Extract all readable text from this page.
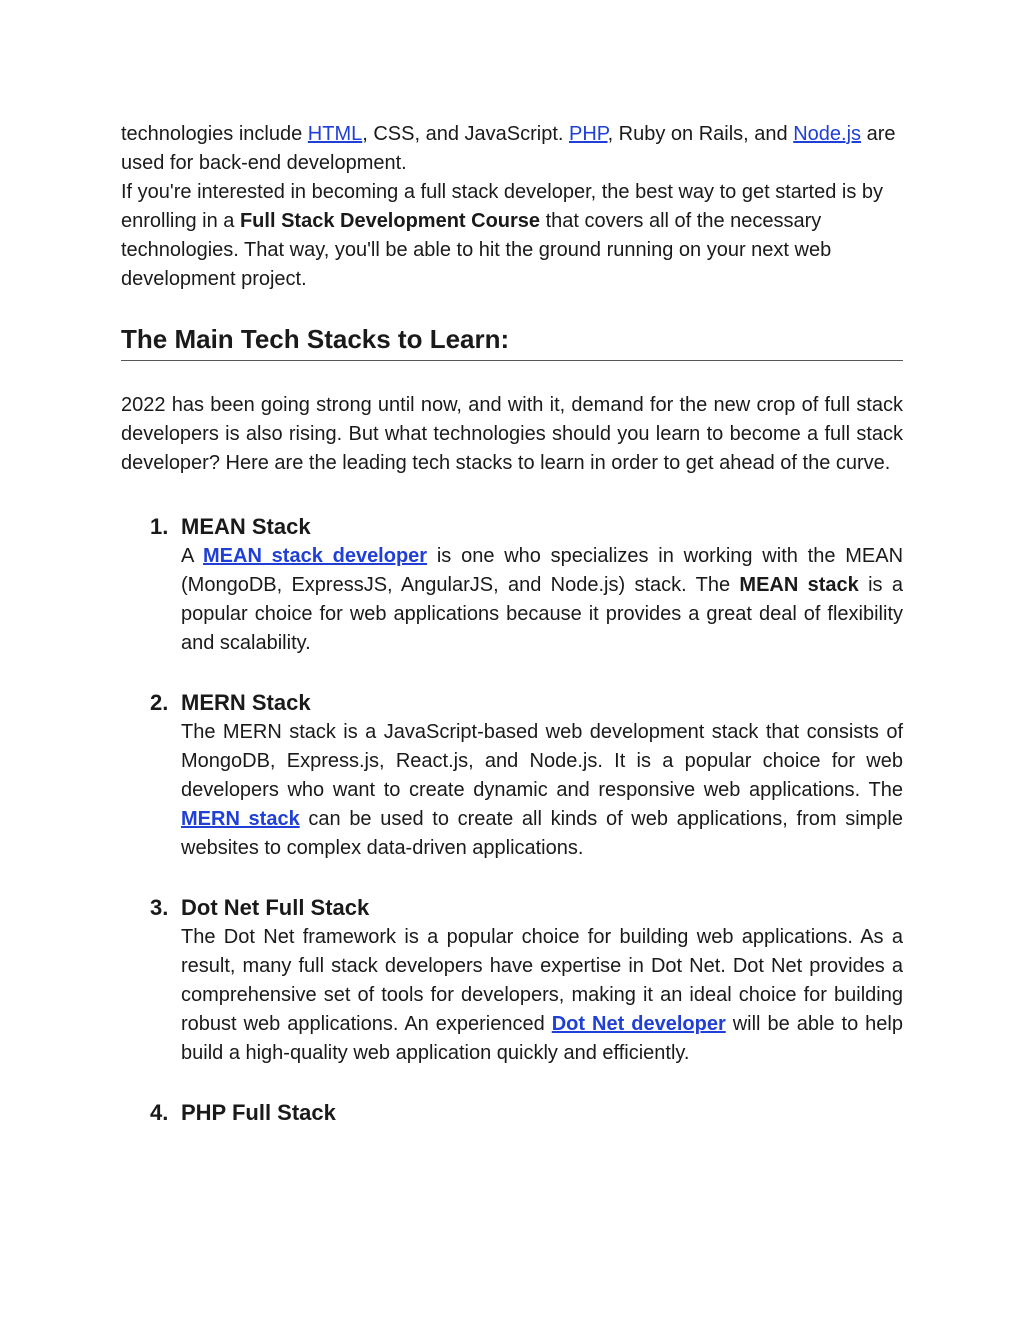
technologies include HTML, CSS, and JavaScript. PHP, Ruby on Rails, and Node.js are used for back-end development.

If you're interested in becoming a full stack developer, the best way to get started is by enrolling in a Full Stack Development Course that covers all of the necessary technologies. That way, you'll be able to hit the ground running on your next web development project.

The Main Tech Stacks to Learn:

2022 has been going strong until now, and with it, demand for the new crop of full stack developers is also rising. But what technologies should you learn to become a full stack developer? Here are the leading tech stacks to learn in order to get ahead of the curve.

1. MEAN Stack

A MEAN stack developer is one who specializes in working with the MEAN (MongoDB, ExpressJS, AngularJS, and Node.js) stack. The MEAN stack is a popular choice for web applications because it provides a great deal of flexibility and scalability.

2. MERN Stack

The MERN stack is a JavaScript-based web development stack that consists of MongoDB, Express.js, React.js, and Node.js. It is a popular choice for web developers who want to create dynamic and responsive web applications. The MERN stack can be used to create all kinds of web applications, from simple websites to complex data-driven applications.

3. Dot Net Full Stack

The Dot Net framework is a popular choice for building web applications. As a result, many full stack developers have expertise in Dot Net. Dot Net provides a comprehensive set of tools for developers, making it an ideal choice for building robust web applications. An experienced Dot Net developer will be able to help build a high-quality web application quickly and efficiently.

4. PHP Full Stack
